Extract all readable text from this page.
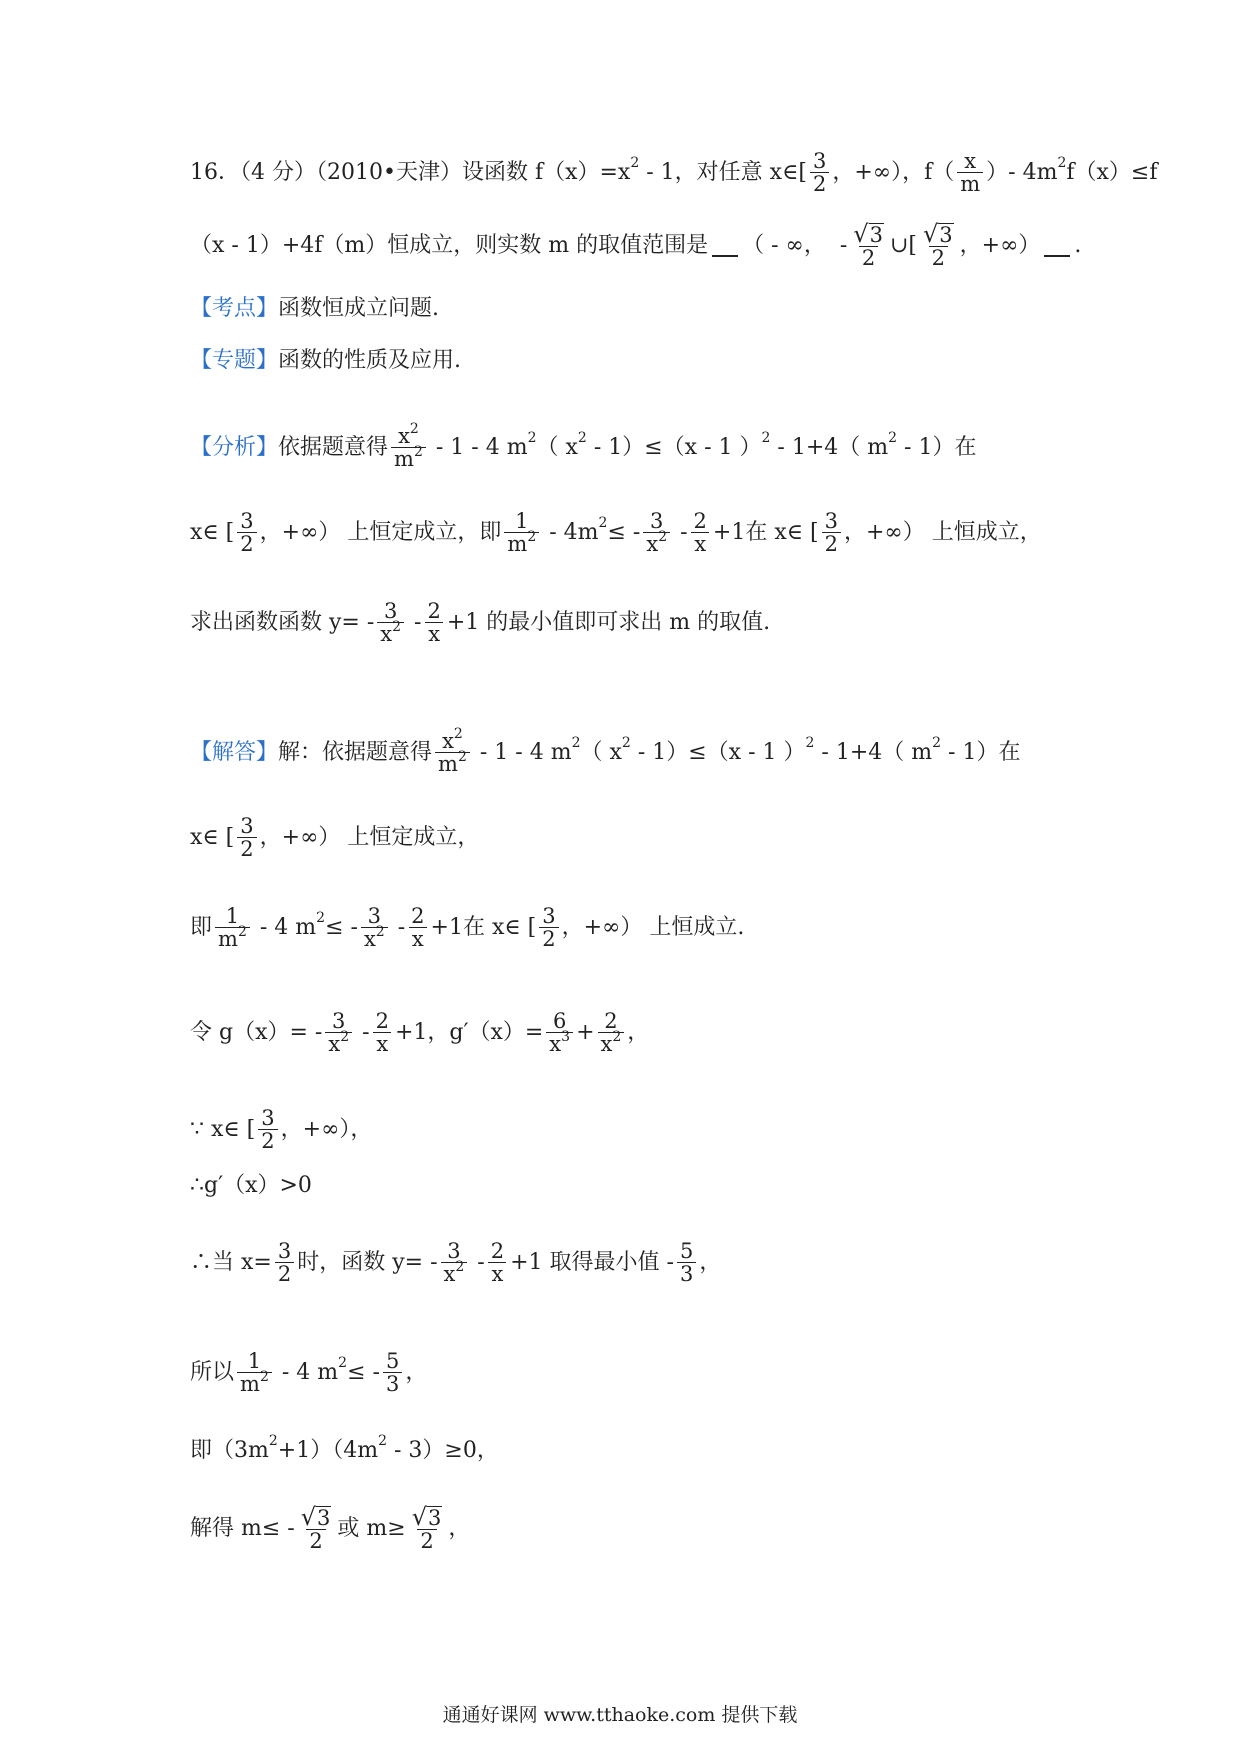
16．（4 分）（2010•天津）设函数 f（x）=x 2 - 1，对任意 x∈[ $\frac{3}{2}$ ，+∞），$f( \frac{x}{m}$ ）- 4m 2 f（x）≤f
（x - 1）+4f（m）恒成立，则实数 m 的取值范围是 （ - ∞，  - $\frac{√ 3}{2}$ ∪[ $\frac{√ 3}{2}$ ，+∞） .
【考点】 函数恒成立问题.
【专题】 函数的性质及应用.
【分析】 依据题意得 $\frac{x^2}{m^2} - 1 - 4$ m 2 （ x 2 - 1）≤（x - 1 ） 2 - 1+4（ m 2 - 1）在
x∈ [ $\frac{3}{2}$ ，+∞） 上恒定成立，即 $\frac{1}{m^2} - 4m$ 2 ≤ - $\frac{3}{x^2} - \frac{2}{x} +1$在 x∈ [ $\frac{3}{2}$ ，+∞） 上恒成立，
求出函数函数 $y= - \frac{3}{x^2} - \frac{2}{x} +1$ 的最小值即可求出 m 的取值.
【解答】 解：依据题意得 $\frac{x^2}{m^2} - 1 - 4$ m 2 （ x 2 - 1）≤（x - 1 ） 2 - 1+4（ m 2 - 1）在
x∈ [ $\frac{3}{2}$ ，+∞） 上恒定成立，
即 $\frac{1}{m^2} - 4$ m 2 ≤ - $\frac{3}{x^2} - \frac{2}{x} +1$在 x∈ [ $\frac{3}{2}$ ，+∞） 上恒成立.
令 $g(x)= - \frac{3}{x^2} - \frac{2}{x} +1$，$g'(x)= \frac{6}{x^3} + \frac{2}{x^2}$ ，
∵ x∈ [ $\frac{3}{2}$ ，+∞），
∴g′（x）>0
∴当 $x= \frac{3}{2}$ 时，函数 $y= - \frac{3}{x^2} - \frac{2}{x} +1$ 取得最小值 - $\frac{5}{3}$ ，
所以 $\frac{1}{m^2} - 4$ m 2 ≤ - $\frac{5}{3}$ ，
即（3m 2 +1）（4m 2 - 3）≥0，
解得 $m\le - \frac{√ 3}{2}$ 或 $m\ge \frac{√ 3}{2}$ ，
通通好课网 www.tthaoke.com 提供下载
